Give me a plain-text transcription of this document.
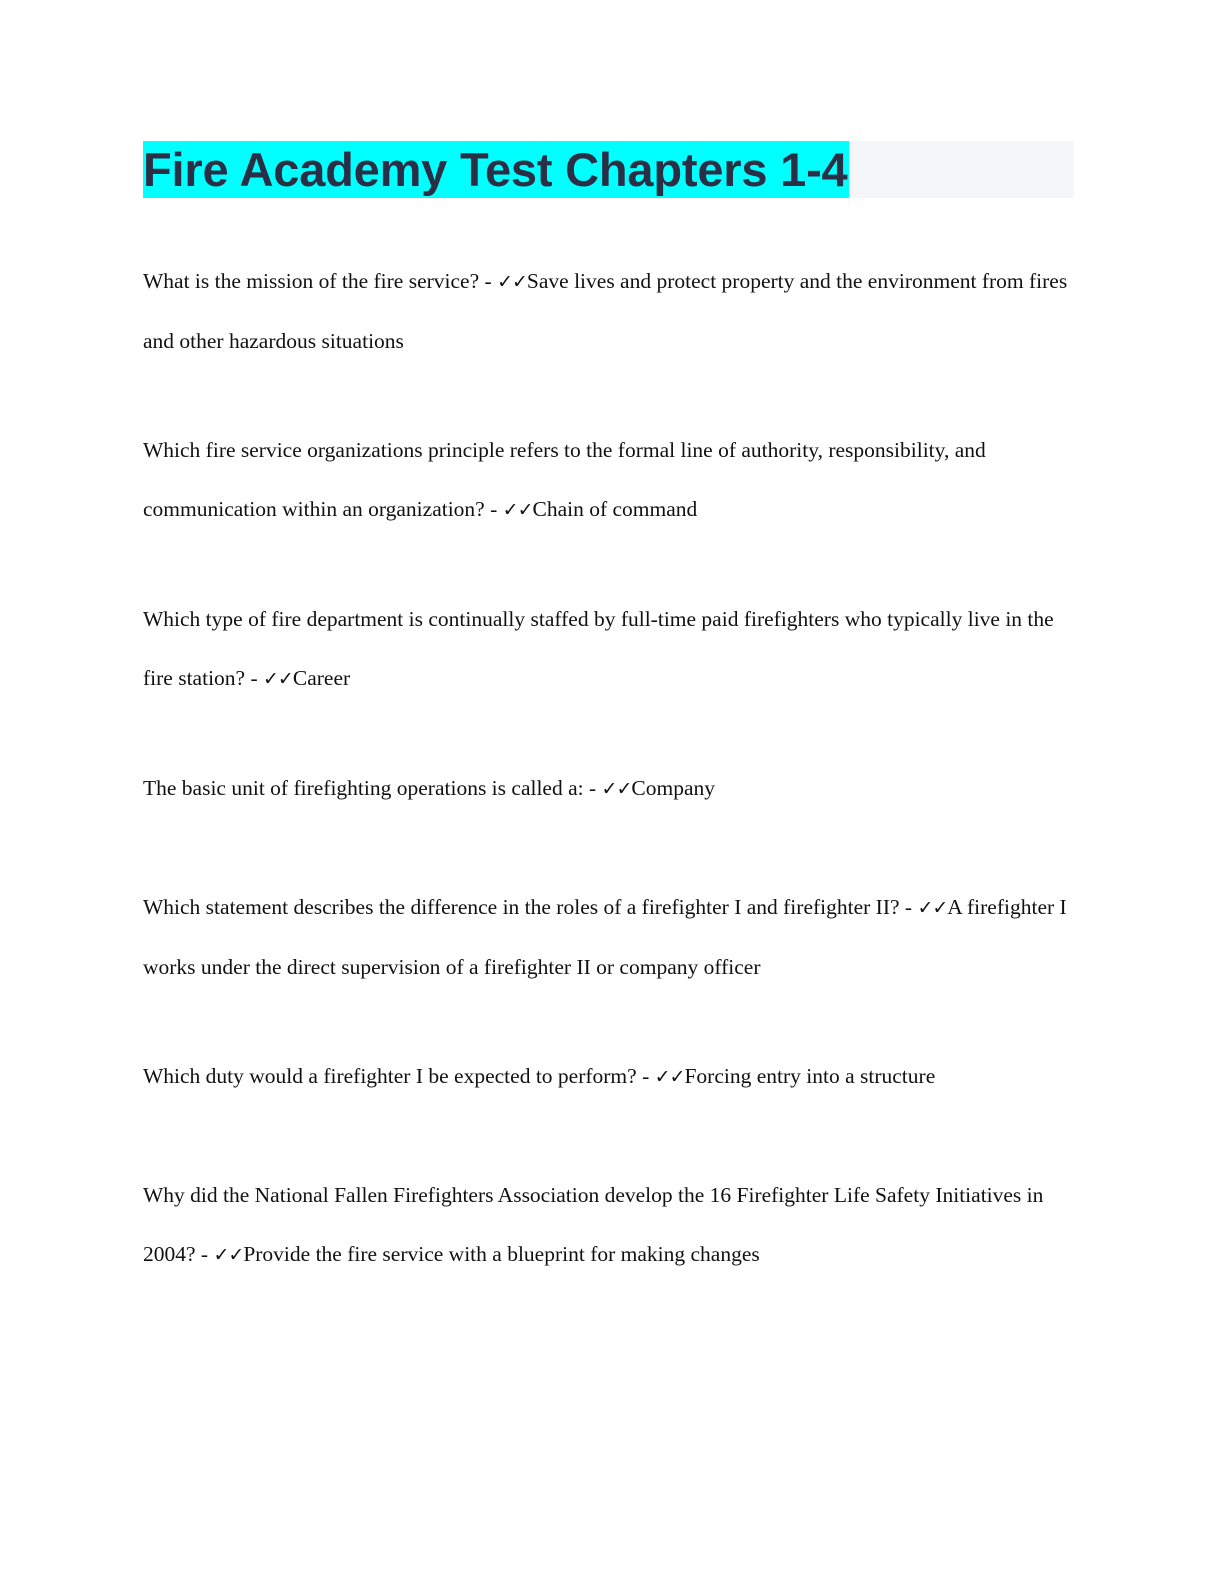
Fire Academy Test Chapters 1-4

What is the mission of the fire service? - ✓✓Save lives and protect property and the environment from fires and other hazardous situations

Which fire service organizations principle refers to the formal line of authority, responsibility, and communication within an organization? - ✓✓Chain of command

Which type of fire department is continually staffed by full-time paid firefighters who typically live in the fire station? - ✓✓Career

The basic unit of firefighting operations is called a: - ✓✓Company

Which statement describes the difference in the roles of a firefighter I and firefighter II? - ✓✓A firefighter I works under the direct supervision of a firefighter II or company officer

Which duty would a firefighter I be expected to perform? - ✓✓Forcing entry into a structure

Why did the National Fallen Firefighters Association develop the 16 Firefighter Life Safety Initiatives in 2004? - ✓✓Provide the fire service with a blueprint for making changes
